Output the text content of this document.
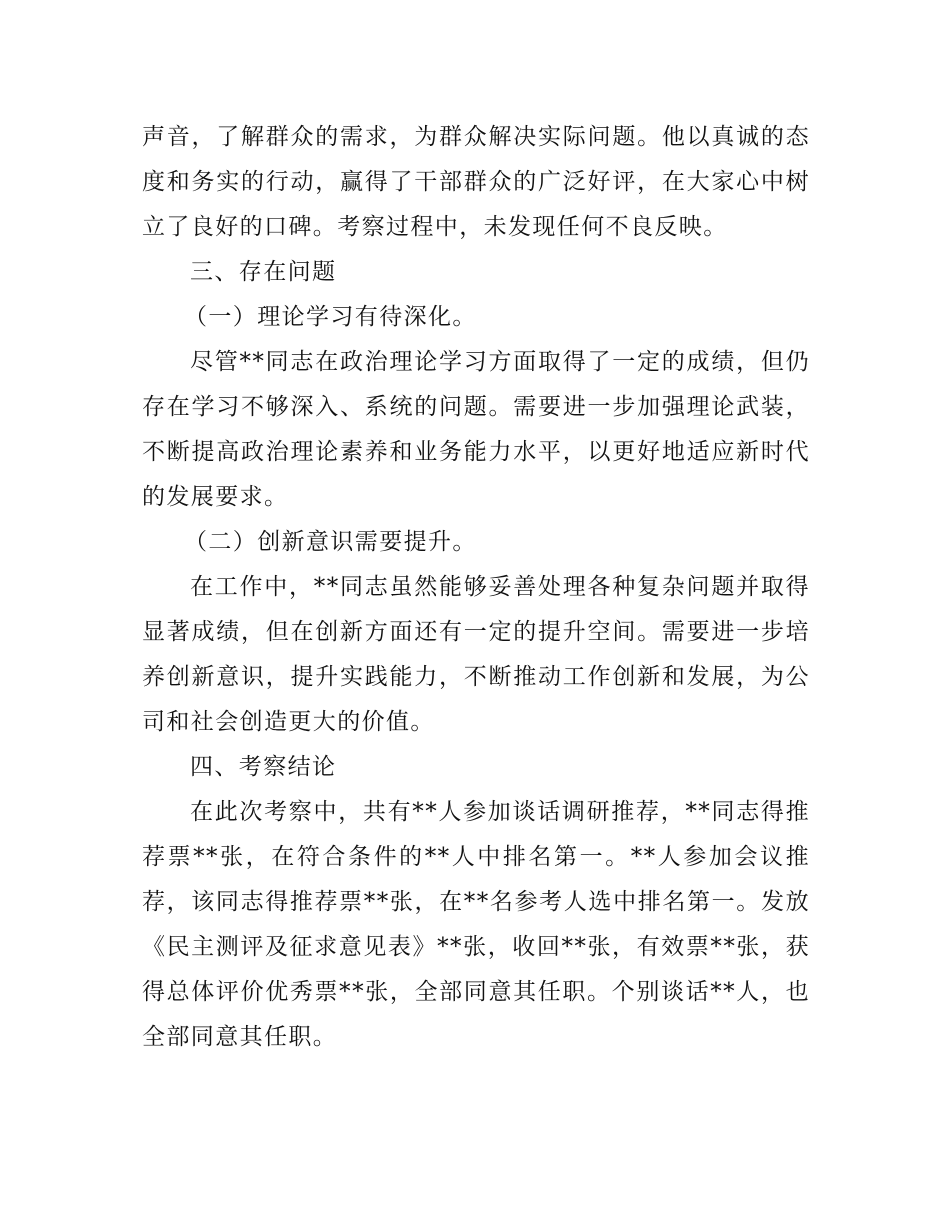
声音，了解群众的需求，为群众解决实际问题。他以真诚的态度和务实的行动，赢得了干部群众的广泛好评，在大家心中树立了良好的口碑。考察过程中，未发现任何不良反映。

三、存在问题

（一）理论学习有待深化。

尽管**同志在政治理论学习方面取得了一定的成绩，但仍存在学习不够深入、系统的问题。需要进一步加强理论武装，不断提高政治理论素养和业务能力水平，以更好地适应新时代的发展要求。

（二）创新意识需要提升。

在工作中，**同志虽然能够妥善处理各种复杂问题并取得显著成绩，但在创新方面还有一定的提升空间。需要进一步培养创新意识，提升实践能力，不断推动工作创新和发展，为公司和社会创造更大的价值。

四、考察结论

在此次考察中，共有**人参加谈话调研推荐，**同志得推荐票**张，在符合条件的**人中排名第一。**人参加会议推荐，该同志得推荐票**张，在**名参考人选中排名第一。发放《民主测评及征求意见表》**张，收回**张，有效票**张，获得总体评价优秀票**张，全部同意其任职。个别谈话**人，也全部同意其任职。
